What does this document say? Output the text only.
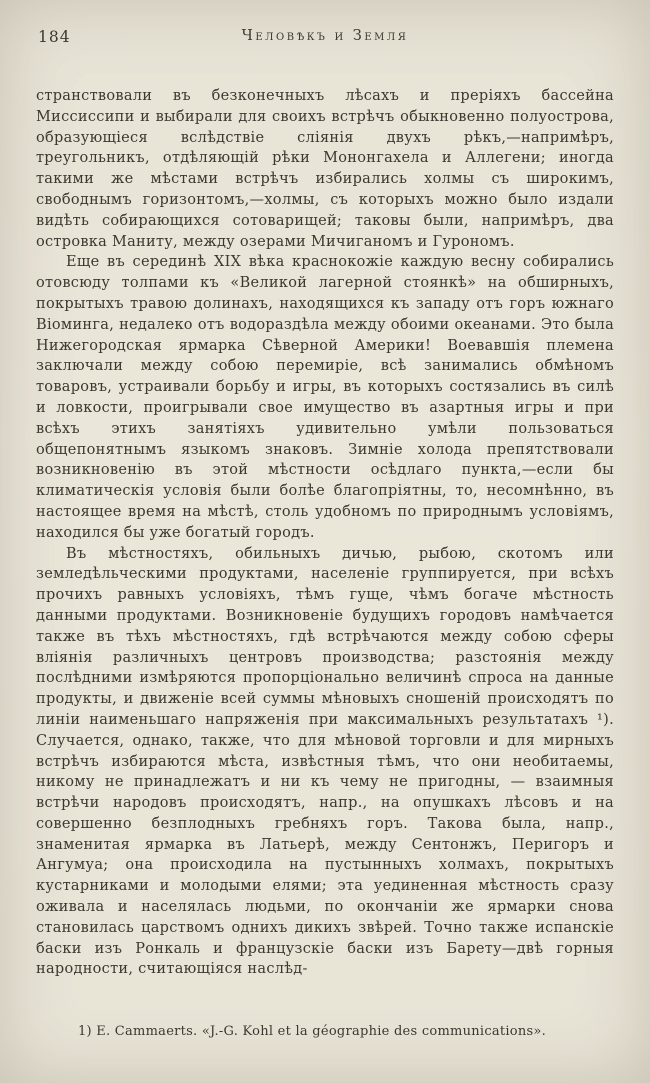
184	Человѣкъ и Земля

странствовали въ безконечныхъ лѣсахъ и преріяхъ бассейна Миссиссипи и выбирали для своихъ встрѣчъ обыкновенно полуострова, образующіеся вслѣдствіе сліянія двухъ рѣкъ,—напримѣръ, треугольникъ, отдѣляющій рѣки Мононгахела и Аллегени; иногда такими же мѣстами встрѣчъ избирались холмы съ широкимъ, свободнымъ горизонтомъ,—холмы, съ которыхъ можно было издали видѣть собирающихся сотоварищей; таковы были, напримѣръ, два островка Маниту, между озерами Мичиганомъ и Гурономъ.

Еще въ серединѣ XIX вѣка краснокожіе каждую весну собирались отовсюду толпами къ «Великой лагерной стоянкѣ» на обширныхъ, покрытыхъ травою долинахъ, находящихся къ западу отъ горъ южнаго Віоминга, недалеко отъ водораздѣла между обоими океанами. Это была Нижегородская ярмарка Сѣверной Америки! Воевавшія племена заключали между собою перемиріе, всѣ занимались обмѣномъ товаровъ, устраивали борьбу и игры, въ которыхъ состязались въ силѣ и ловкости, проигрывали свое имущество въ азартныя игры и при всѣхъ этихъ занятіяхъ удивительно умѣли пользоваться общепонятнымъ языкомъ знаковъ. Зимніе холода препятствовали возникновенію въ этой мѣстности осѣдлаго пункта,—если бы климатическія условія были болѣе благопріятны, то, несомнѣнно, въ настоящее время на мѣстѣ, столь удобномъ по природнымъ условіямъ, находился бы уже богатый городъ.

Въ мѣстностяхъ, обильныхъ дичью, рыбою, скотомъ или земледѣльческими продуктами, населеніе группируется, при всѣхъ прочихъ равныхъ условіяхъ, тѣмъ гуще, чѣмъ богаче мѣстность данными продуктами. Возникновеніе будущихъ городовъ намѣчается также въ тѣхъ мѣстностяхъ, гдѣ встрѣчаются между собою сферы вліянія различныхъ центровъ производства; разстоянія между послѣдними измѣряются пропорціонально величинѣ спроса на данные продукты, и движеніе всей суммы мѣновыхъ сношеній происходятъ по линіи наименьшаго напряженія при максимальныхъ результатахъ ¹). Случается, однако, также, что для мѣновой торговли и для мирныхъ встрѣчъ избираются мѣста, извѣстныя тѣмъ, что они необитаемы, никому не принадлежатъ и ни къ чему не пригодны, — взаимныя встрѣчи народовъ происходятъ, напр., на опушкахъ лѣсовъ и на совершенно безплодныхъ гребняхъ горъ. Такова была, напр., знаменитая ярмарка въ Латьерѣ, между Сентонжъ, Перигоръ и Ангумуа; она происходила на пустынныхъ холмахъ, покрытыхъ кустарниками и молодыми елями; эта уединенная мѣстность сразу оживала и населялась людьми, по окончаніи же ярмарки снова становилась царствомъ однихъ дикихъ звѣрей. Точно также испанскіе баски изъ Ронкаль и французскіе баски изъ Барету—двѣ горныя народности, считающіяся наслѣд-

1) E. Cammaerts. «J.-G. Kohl et la géographie des communications».
